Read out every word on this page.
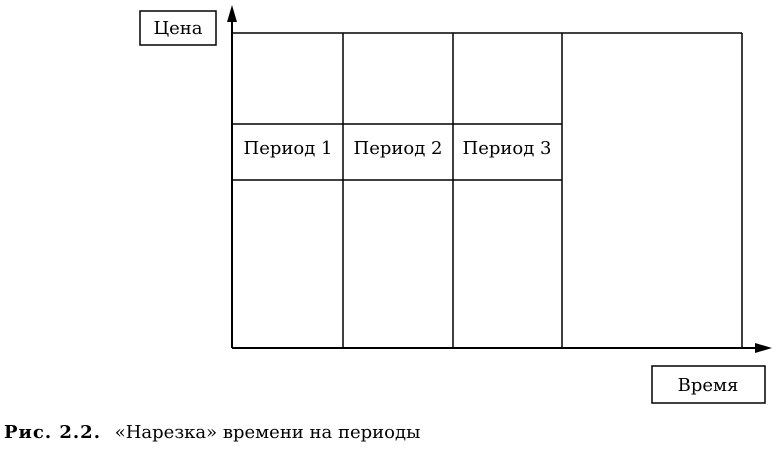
Период 1 Период 2 Период 3
Цена
Время
Рис. 2.2. «Нарезка» времени на периоды
